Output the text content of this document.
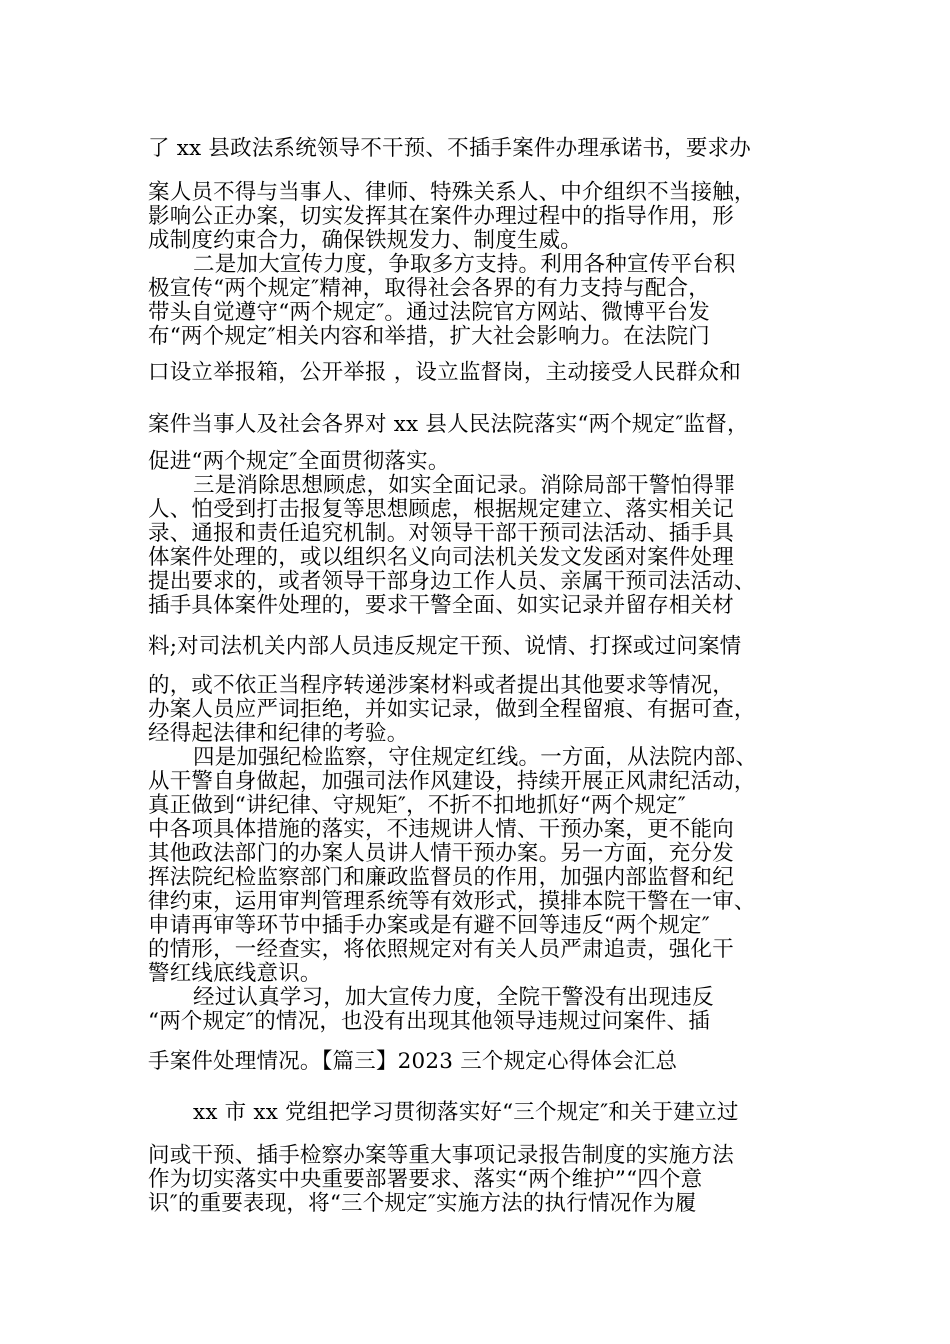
了 xx 县政法系统领导不干预、不插手案件办理承诺书，要求办
案人员不得与当事人、律师、特殊关系人、中介组织不当接触，
影响公正办案，切实发挥其在案件办理过程中的指导作用，形
成制度约束合力，确保铁规发力、制度生威。
二是加大宣传力度，争取多方支持。利用各种宣传平台积
极宣传“两个规定″精神，取得社会各界的有力支持与配合，
带头自觉遵守“两个规定″。通过法院官方网站、微博平台发
布“两个规定″相关内容和举措，扩大社会影响力。在法院门
口设立举报箱，公开举报 ，设立监督岗，主动接受人民群众和
案件当事人及社会各界对 xx 县人民法院落实“两个规定″监督，
促进“两个规定″全面贯彻落实。
三是消除思想顾虑，如实全面记录。消除局部干警怕得罪
人、怕受到打击报复等思想顾虑，根据规定建立、落实相关记
录、通报和责任追究机制。对领导干部干预司法活动、插手具
体案件处理的，或以组织名义向司法机关发文发函对案件处理
提出要求的，或者领导干部身边工作人员、亲属干预司法活动、
插手具体案件处理的，要求干警全面、如实记录并留存相关材
料;对司法机关内部人员违反规定干预、说情、打探或过问案情
的，或不依正当程序转递涉案材料或者提出其他要求等情况，
办案人员应严词拒绝，并如实记录，做到全程留痕、有据可查，
经得起法律和纪律的考验。
四是加强纪检监察，守住规定红线。一方面，从法院内部、
从干警自身做起，加强司法作风建设，持续开展正风肃纪活动，
真正做到“讲纪律、守规矩″，不折不扣地抓好“两个规定″
中各项具体措施的落实，不违规讲人情、干预办案，更不能向
其他政法部门的办案人员讲人情干预办案。另一方面，充分发
挥法院纪检监察部门和廉政监督员的作用，加强内部监督和纪
律约束，运用审判管理系统等有效形式，摸排本院干警在一审、
申请再审等环节中插手办案或是有避不回等违反“两个规定″
的情形，一经查实，将依照规定对有关人员严肃追责，强化干
警红线底线意识。
经过认真学习，加大宣传力度，全院干警没有出现违反
“两个规定″的情况，也没有出现其他领导违规过问案件、插
手案件处理情况。【篇三】2023 三个规定心得体会汇总
xx 市 xx 党组把学习贯彻落实好“三个规定″和关于建立过
问或干预、插手检察办案等重大事项记录报告制度的实施方法
作为切实落实中央重要部署要求、落实“两个维护”“四个意
识″的重要表现，将“三个规定″实施方法的执行情况作为履
